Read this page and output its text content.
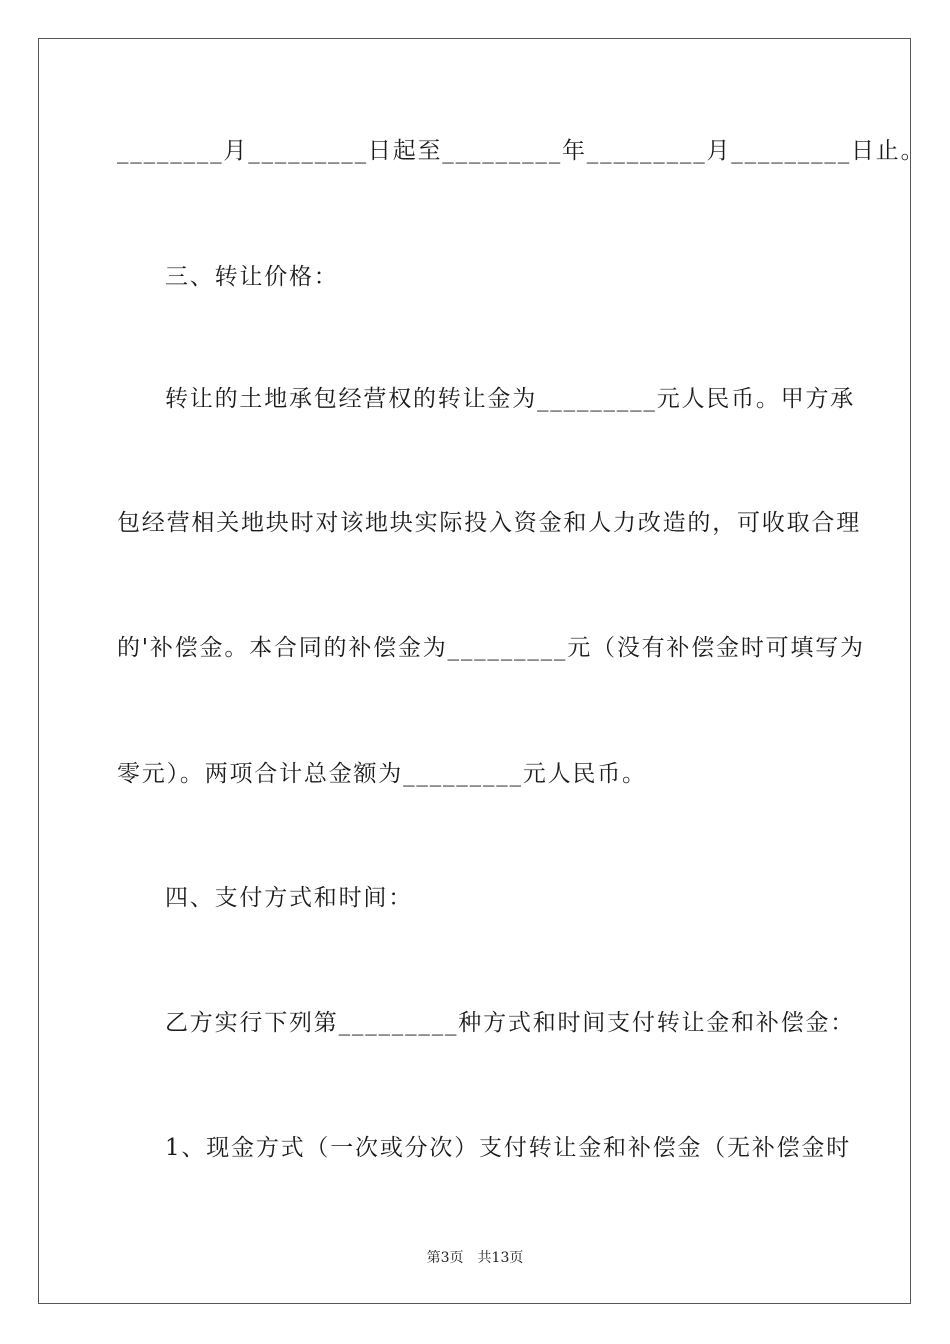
________月_________日起至_________年_________月_________日止。
三、转让价格：
转让的土地承包经营权的转让金为_________元人民币。甲方承
包经营相关地块时对该地块实际投入资金和人力改造的，可收取合理
的'补偿金。本合同的补偿金为_________元（没有补偿金时可填写为
零元）。两项合计总金额为_________元人民币。
四、支付方式和时间：
乙方实行下列第_________种方式和时间支付转让金和补偿金：
1、现金方式（一次或分次）支付转让金和补偿金（无补偿金时
第3页　共13页
